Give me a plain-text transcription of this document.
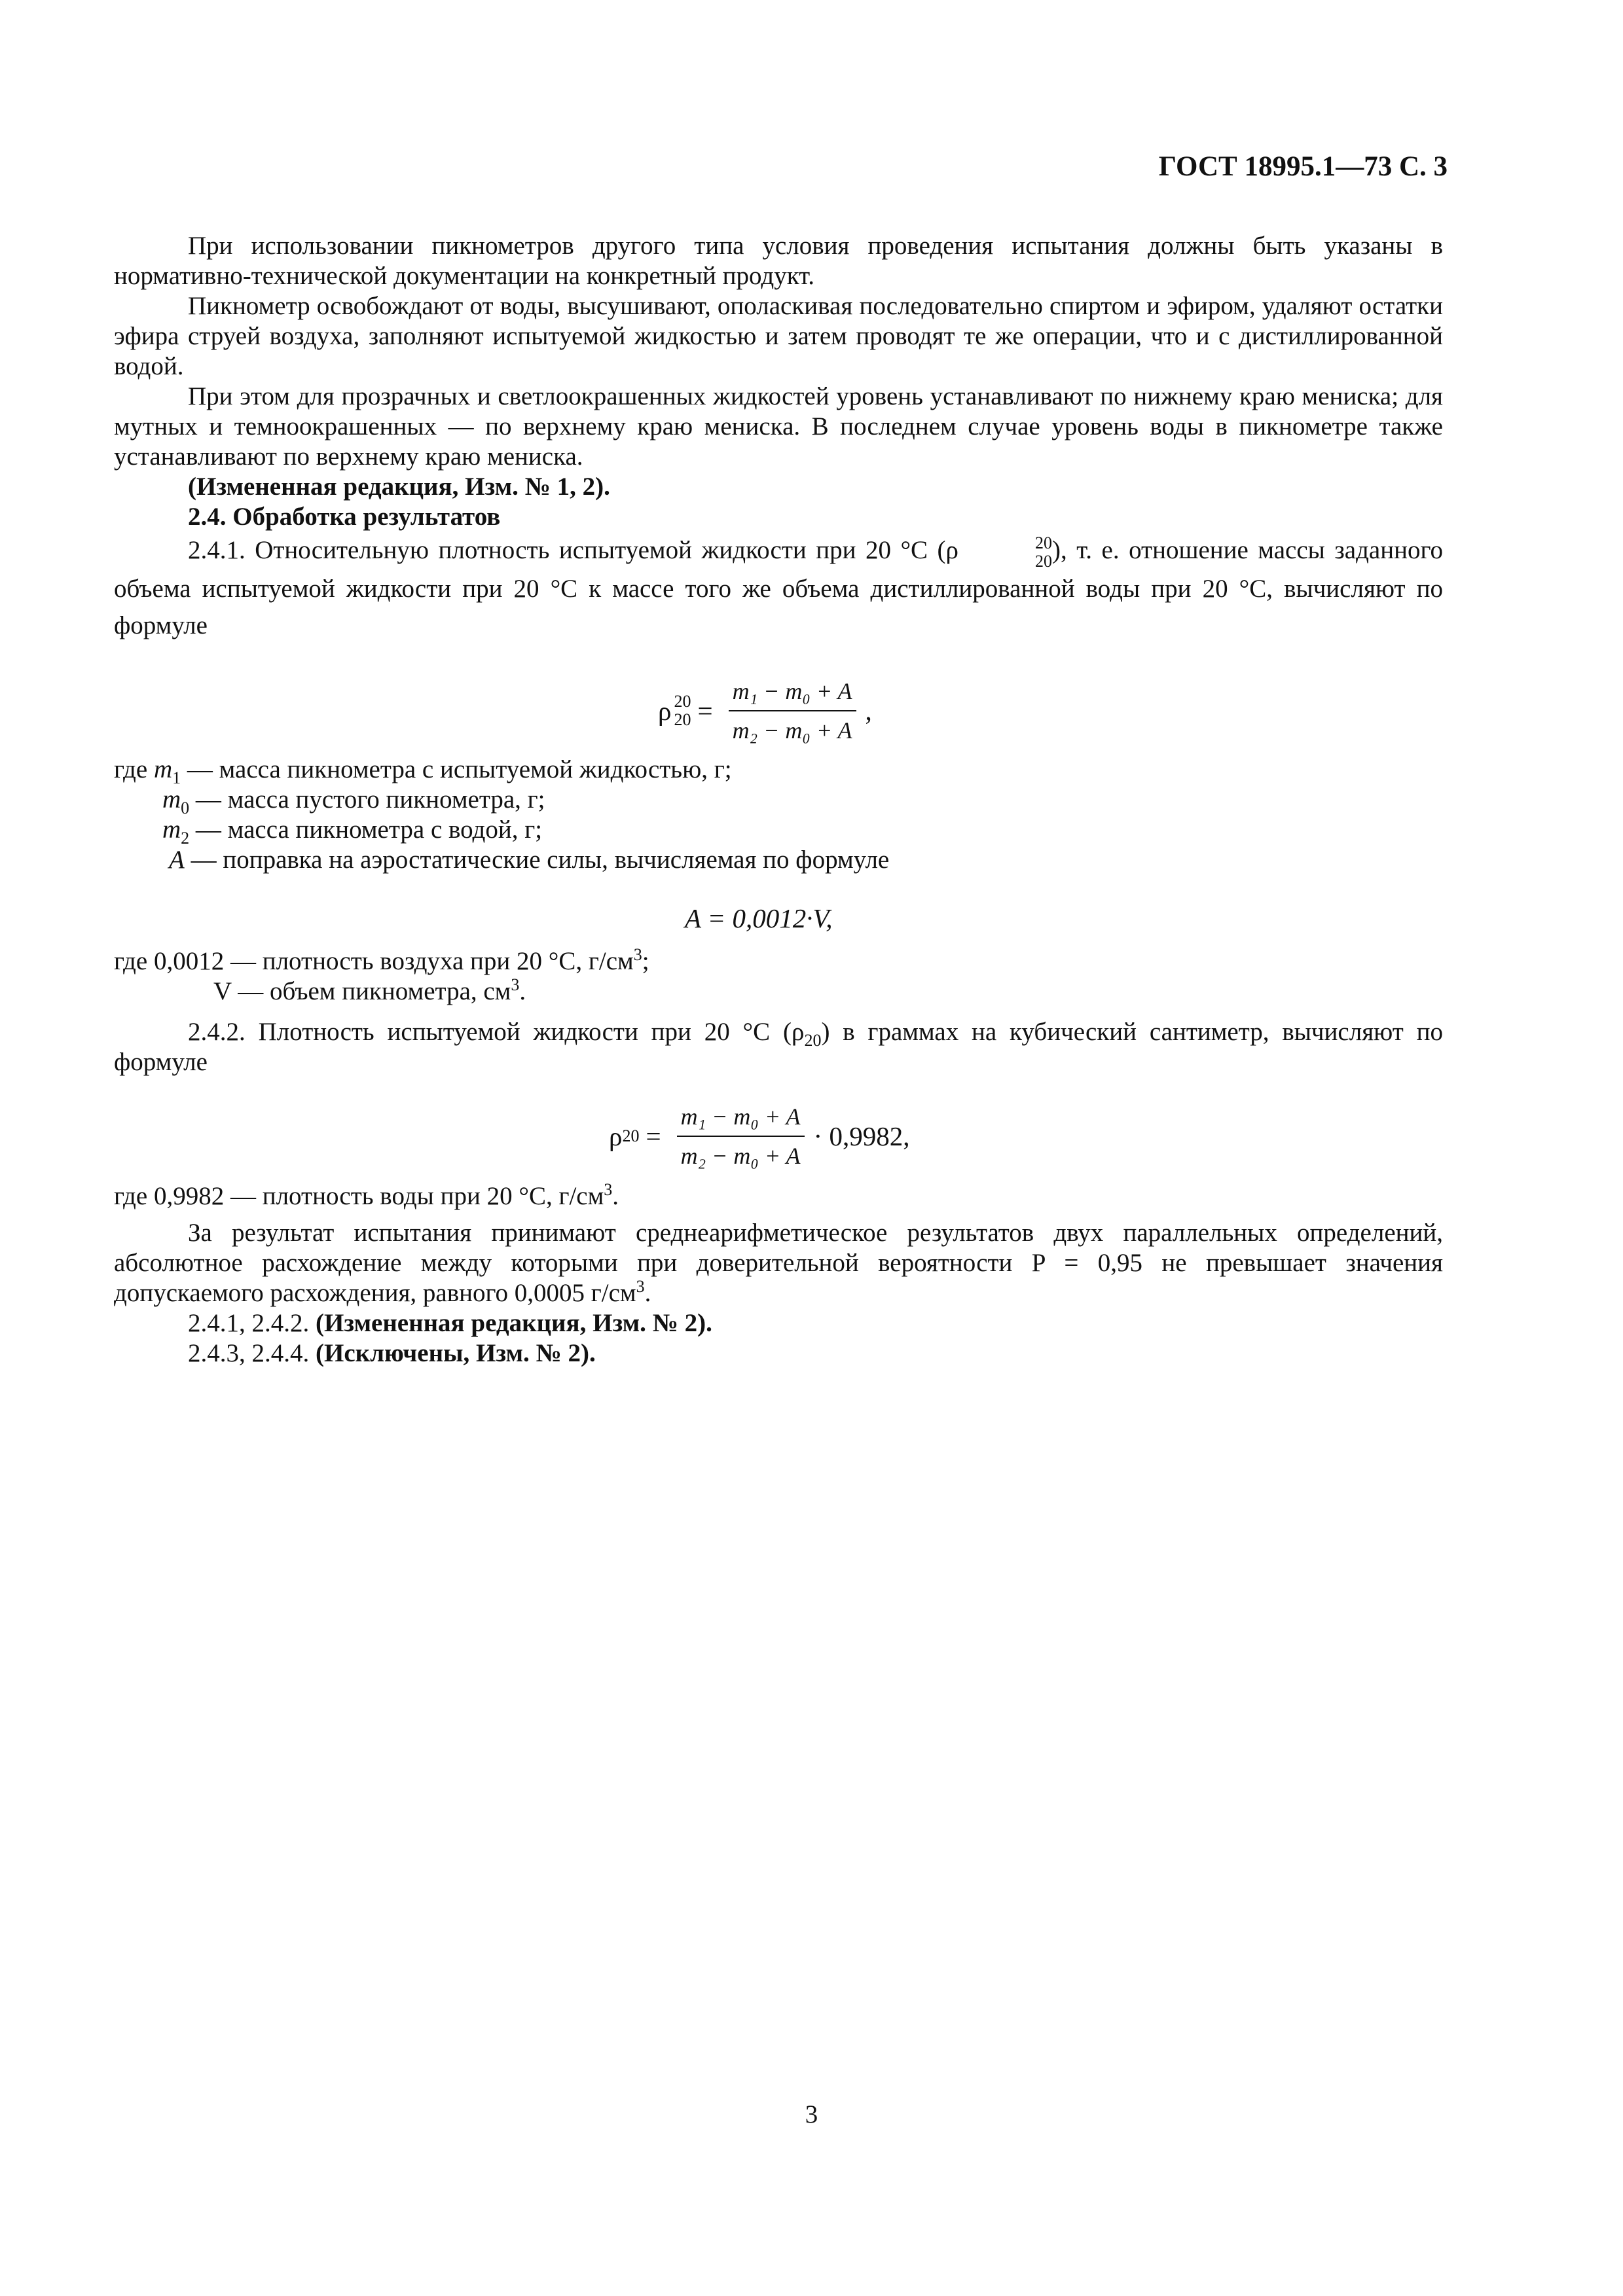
ГОСТ 18995.1—73 С. 3

При использовании пикнометров другого типа условия проведения испытания должны быть указаны в нормативно-технической документации на конкретный продукт.

Пикнометр освобождают от воды, высушивают, ополаскивая последовательно спиртом и эфиром, удаляют остатки эфира струей воздуха, заполняют испытуемой жидкостью и затем проводят те же операции, что и с дистиллированной водой.

При этом для прозрачных и светлоокрашенных жидкостей уровень устанавливают по нижнему краю мениска; для мутных и темноокрашенных — по верхнему краю мениска. В последнем случае уровень воды в пикнометре также устанавливают по верхнему краю мениска.

(Измененная редакция, Изм. № 1, 2).

2.4. Обработка результатов

2.4.1. Относительную плотность испытуемой жидкости при 20 °С (ρ	20
20 ), т. е. отношение массы заданного объема испытуемой жидкости при 20 °С к массе того же объема дистиллированной воды при 20 °С, вычисляют по формуле

ρ 20
$20 = \frac{\text{m₁ − m₀ + A}}{\text{m₂ − m₀ + A}}$ ,
где $m_1$ — масса пикнометра с испытуемой жидкостью, г;
$m_0$ — масса пустого пикнометра, г;
$m_2$ — масса пикнометра с водой, г;
A — поправка на аэростатические силы, вычисляемая по формуле
A = 0,0012·V,
где 0,0012 — плотность воздуха при 20 °С, $г/см^3$;
V — объем пикнометра, $см^3$.

2.4.2. Плотность испытуемой жидкости при 20 °С $(\rho_{20})$ в граммах на кубический сантиметр, вычисляют по формуле

ρ $20 = \frac{\text{m₁ − m₀ + A}}{\text{m₂ − m₀ + A}} \cdot 0,9982$,
где 0,9982 — плотность воды при 20 °С, $г/см^3$.

За результат испытания принимают среднеарифметическое результатов двух параллельных определений, абсолютное расхождение между которыми при доверительной вероятности P = 0,95 не превышает значения допускаемого расхождения, равного 0,0005 $г/см^3$.

2.4.1, 2.4.2. (Измененная редакция, Изм. № 2).

2.4.3, 2.4.4. (Исключены, Изм. № 2).

3
